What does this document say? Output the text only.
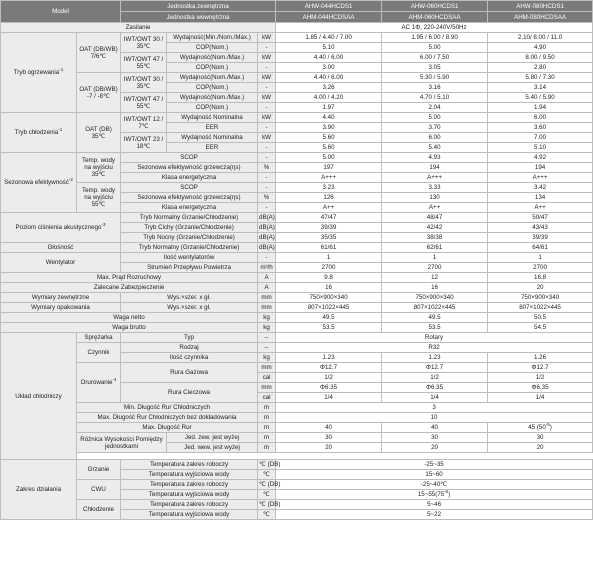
Model		Jednostka zewnętrzna			AHW-044HCDS1	AHW-060HCDS1	AHW-080HCDS1
		Jednostka wewnętrzna			AHM-044HCDSAA	AHM-060HCDSAA	AHM-080HCDSAA
Zasilanie					AC 1Φ, 220-240V/50Hz		
Tryb ogrzewania$^{-1}$	OAT (DB/WB) 7/6℃	IWT/OWT 30 / 35℃	Wydajność(Min./Nom./Max.)	kW	1.85 / 4.40 / 7.00	1.95 / 6.00 / 8.90	2.10/ 8.00 / 11.0
			COP(Nom.)	-	5.10	5.00	4.90
		IWT/OWT 47 / 55℃	Wydajność(Nom./Max.)	kW	4.40 / 6.00	6.00 / 7.50	8.00 / 9.50
			COP(Nom.)	-	3.00	3.05	2.80
	OAT (DB/WB) -7 / -8℃	IWT/OWT 30 / 35℃	Wydajność(Nom./Max.)	kW	4.40 / 6.00	5.30 / 5.90	5.80 / 7.30
			COP(Nom.)	-	3.26	3.16	3.14
		IWT/OWT 47 / 55℃	Wydajność(Nom./Max.)	kW	4.00 / 4.20	4.70 / 5.10	5.40 / 5.90
			COP(Nom.)	-	1.97	2.04	1.94
Tryb chłodzenia$^{-1}$	OAT (DB) 35℃	IWT/OWT 12 / 7℃	Wydajność Nominalna	kW	4.40	5.00	6.00
			EER	-	3.90	3.70	3.60
		IWT/OWT 23 / 18℃	Wydajność Nominalna	kW	5.60	6.00	7.00
			EER	-	5.60	5.40	5.10
Sezonowa efektywność$^{-2}$	Temp. wody na wyjściu 35℃	SCOP		-	5.00	4.93	4.92
		Sezonowa efektywność grzewcza(ηs)		%	197	194	194
		Klasa energetyczna		-	A+++	A+++	A+++
	Temp. wody na wyjściu 55℃	SCOP		-	3.23	3.33	3.42
		Sezonowa efektywność grzewcza(ηs)		%	126	130	134
		Klasa energetyczna		-	A++	A++	A++
Poziom ciśnienia akustycznego$^{-3}$		Tryb Normalny Grzanie/Chłodzenie)		dB(A)	47/47	48/47	50/47
		Tryb Cichy (Grzanie/Chłodzenie)		dB(A)	39/39	42/42	43/43
		Tryb Nocny (Grzanie/Chłodzenie)		dB(A)	35/35	38/38	39/39
Głośność		Tryb Normalny (Grzanie/Chłodzenie)		dB(A)	61/61	62/61	64/61
Wentylator		Ilość wentylatorów		-	1	1	1
		Strumień Przepływu Powietrza		m³/h	2700	2700	2700
Max. Prąd Rozruchowy				A	9.8	12	16.8
Zalecane Zabezpieczenie				A	16	16	20
Wymiary zewnętrzne		Wys.×szer. x gł.		mm	750×900×340	750×900×340	750×900×340
Wymiary opakowania		Wys.×szer. x gł.		mm	807×1022×445	807×1022×445	807×1022×445
Waga netto				kg	49.5	49.5	50.5
Waga brutto				kg	53.5	53.5	54.5
Układ chłodniczy	Sprężarka	Typ		–	Rotary		
	Czynnik	Rodzaj		–	R32		
		Ilość czynnika		kg	1.23	1.23	1.26
	Orurowanie$^{-4}$	Rura Gazowa		mm	Φ12.7	Φ12.7	Φ12.7
				cal	1/2	1/2	1/2
		Rura Cieczowa		mm	Φ6.35	Φ6.35	Φ6.35
				cal	1/4	1/4	1/4
	Min. Długość Rur Chłodniczych			m	3		
	Max. Długość Rur Chłodniczych bez dokładowania			m	10		
	Max. Długość Rur			m	40	40	45 $(50^{-5})$
	Różnica Wysokości Pomiędzy jednostkami		Jed. zew. jest wyżej	m	30	30	30
			Jed. wew. jest wyżej	m	20	20	20

Zakres działania	Grzanie	Temperatura zakres roboczy		℃ (DB)	-25~35		
		Temperatura wyjściowa wody		℃	15~60		
	CWU	Temperatura zakres roboczy		℃ (DB)	-25~40℃		
		Temperatura wyjściowa wody		℃	$15\sim 55(75^{-6})$		
	Chłodzenie	Temperatura zakres roboczy		℃ (DB)	5~46		
		Temperatura wyjściowa wody		℃	5~22		
